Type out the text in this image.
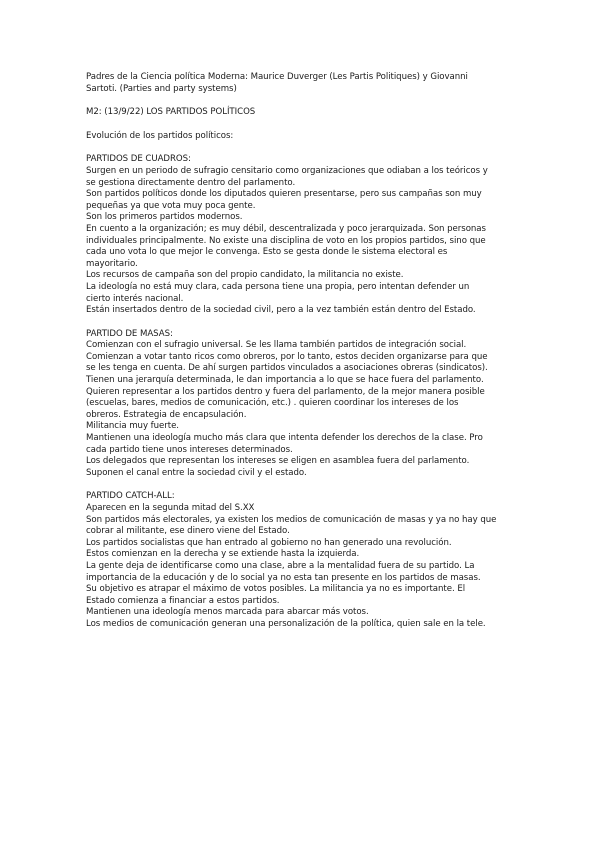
Padres de la Ciencia política Moderna: Maurice Duverger (Les Partis Politiques) y Giovanni
Sartoti. (Parties and party systems)
M2: (13/9/22) LOS PARTIDOS POLÍTICOS
Evolución de los partidos políticos:
PARTIDOS DE CUADROS:
Surgen en un periodo de sufragio censitario como organizaciones que odiaban a los teóricos y
se gestiona directamente dentro del parlamento.
Son partidos políticos donde los diputados quieren presentarse, pero sus campañas son muy
pequeñas ya que vota muy poca gente.
Son los primeros partidos modernos.
En cuento a la organización; es muy débil, descentralizada y poco jerarquizada. Son personas
individuales principalmente. No existe una disciplina de voto en los propios partidos, sino que
cada uno vota lo que mejor le convenga. Esto se gesta donde le sistema electoral es
mayoritario.
Los recursos de campaña son del propio candidato, la militancia no existe.
La ideología no está muy clara, cada persona tiene una propia, pero intentan defender un
cierto interés nacional.
Están insertados dentro de la sociedad civil, pero a la vez también están dentro del Estado.
PARTIDO DE MASAS:
Comienzan con el sufragio universal. Se les llama también partidos de integración social.
Comienzan a votar tanto ricos como obreros, por lo tanto, estos deciden organizarse para que
se les tenga en cuenta. De ahí surgen partidos vinculados a asociaciones obreras (sindicatos).
Tienen una jerarquía determinada, le dan importancia a lo que se hace fuera del parlamento.
Quieren representar a los partidos dentro y fuera del parlamento, de la mejor manera posible
(escuelas, bares, medios de comunicación, etc.) . quieren coordinar los intereses de los
obreros. Estrategia de encapsulación.
Militancia muy fuerte.
Mantienen una ideología mucho más clara que intenta defender los derechos de la clase. Pro
cada partido tiene unos intereses determinados.
Los delegados que representan los intereses se eligen en asamblea fuera del parlamento.
Suponen el canal entre la sociedad civil y el estado.
PARTIDO CATCH-ALL:
Aparecen en la segunda mitad del S.XX
Son partidos más electorales, ya existen los medios de comunicación de masas y ya no hay que
cobrar al militante, ese dinero viene del Estado.
Los partidos socialistas que han entrado al gobierno no han generado una revolución.
Estos comienzan en la derecha y se extiende hasta la izquierda.
La gente deja de identificarse como una clase, abre a la mentalidad fuera de su partido. La
importancia de la educación y de lo social ya no esta tan presente en los partidos de masas.
Su objetivo es atrapar el máximo de votos posibles. La militancia ya no es importante. El
Estado comienza a financiar a estos partidos.
Mantienen una ideología menos marcada para abarcar más votos.
Los medios de comunicación generan una personalización de la política, quien sale en la tele.
